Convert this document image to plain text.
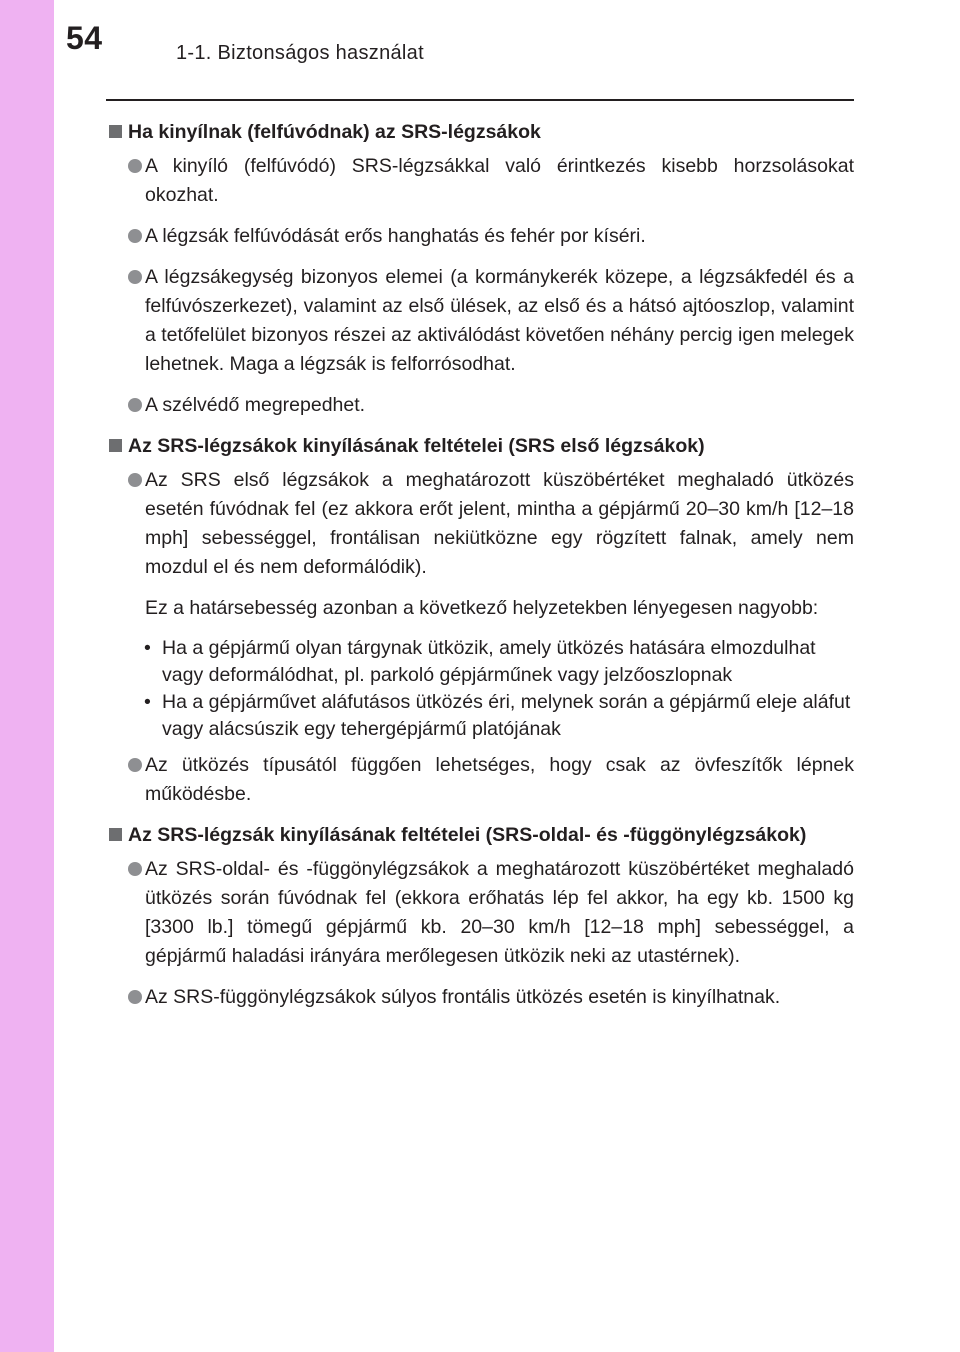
54	1-1. Biztonságos használat
Ha kinyílnak (felfúvódnak) az SRS-légzsákok
A kinyíló (felfúvódó) SRS-légzsákkal való érintkezés kisebb horzsolásokat okozhat.
A légzsák felfúvódását erős hanghatás és fehér por kíséri.
A légzsákegység bizonyos elemei (a kormánykerék közepe, a légzsákfedél és a felfúvószerkezet), valamint az első ülések, az első és a hátsó ajtóoszlop, valamint a tetőfelület bizonyos részei az aktiválódást követően néhány percig igen melegek lehetnek. Maga a légzsák is felforrósodhat.
A szélvédő megrepedhet.
Az SRS-légzsákok kinyílásának feltételei (SRS első légzsákok)
Az SRS első légzsákok a meghatározott küszöbértéket meghaladó ütközés esetén fúvódnak fel (ez akkora erőt jelent, mintha a gépjármű 20–30 km/h [12–18 mph] sebességgel, frontálisan nekiütközne egy rögzített falnak, amely nem mozdul el és nem deformálódik).
Ez a határsebesség azonban a következő helyzetekben lényegesen nagyobb:
• Ha a gépjármű olyan tárgynak ütközik, amely ütközés hatására elmozdulhat vagy deformálódhat, pl. parkoló gépjárműnek vagy jelzőoszlopnak
• Ha a gépjárművet aláfutásos ütközés éri, melynek során a gépjármű eleje aláfut vagy alácsúszik egy tehergépjármű platójának
Az ütközés típusától függően lehetséges, hogy csak az övfeszítők lépnek működésbe.
Az SRS-légzsák kinyílásának feltételei (SRS-oldal- és -függönylégzsákok)
Az SRS-oldal- és -függönylégzsákok a meghatározott küszöbértéket meghaladó ütközés során fúvódnak fel (ekkora erőhatás lép fel akkor, ha egy kb. 1500 kg [3300 lb.] tömegű gépjármű kb. 20–30 km/h [12–18 mph] sebességgel, a gépjármű haladási irányára merőlegesen ütközik neki az utastérnek).
Az SRS-függönylégzsákok súlyos frontális ütközés esetén is kinyílhatnak.
